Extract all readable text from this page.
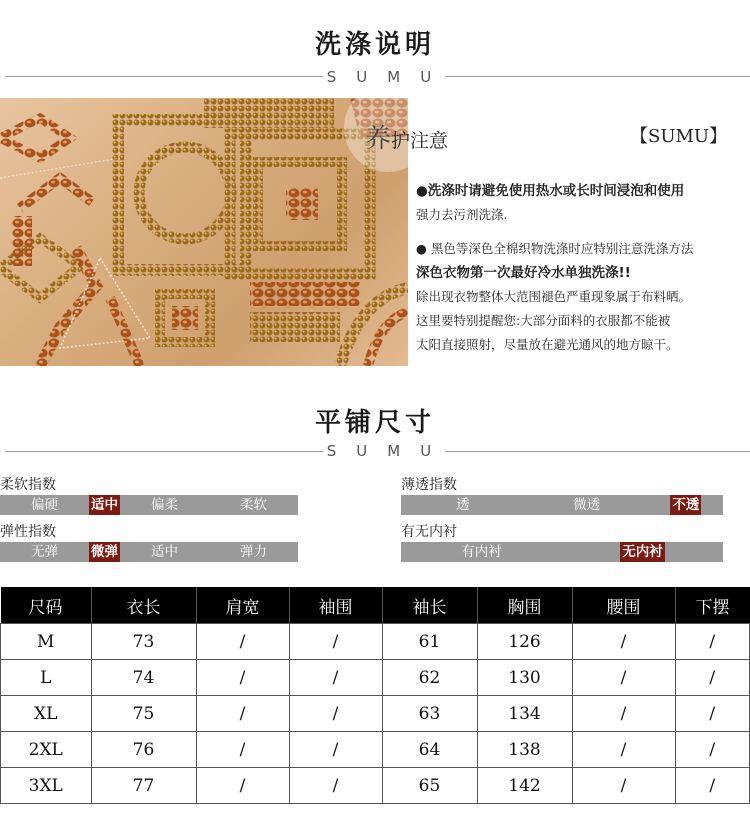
洗涤说明
SUMU
养护注意	【SUMU】
●洗涤时请避免使用热水或长时间浸泡和使用
强力去污剂洗涤.
● 黑色等深色全棉织物洗涤时应特别注意洗涤方法
深色衣物第一次最好冷水单独洗涤!!
除出现衣物整体大范围褪色严重现象属于布料晒。
这里要特别提醒您:大部分面料的衣服都不能被
太阳直接照射，尽量放在避光通风的地方晾干。
平铺尺寸
SUMU
柔软指数
偏硬	适中	偏柔	柔软
弹性指数
无弹	微弹	适中	弹力
薄透指数
透	微透	不透
有无内衬
有内衬	无内衬
尺码	衣长	肩宽	袖围	袖长	胸围	腰围	下摆
M	73	/	/	61	126	/	/
L	74	/	/	62	130	/	/
XL	75	/	/	63	134	/	/
2XL	76	/	/	64	138	/	/
3XL	77	/	/	65	142	/	/
